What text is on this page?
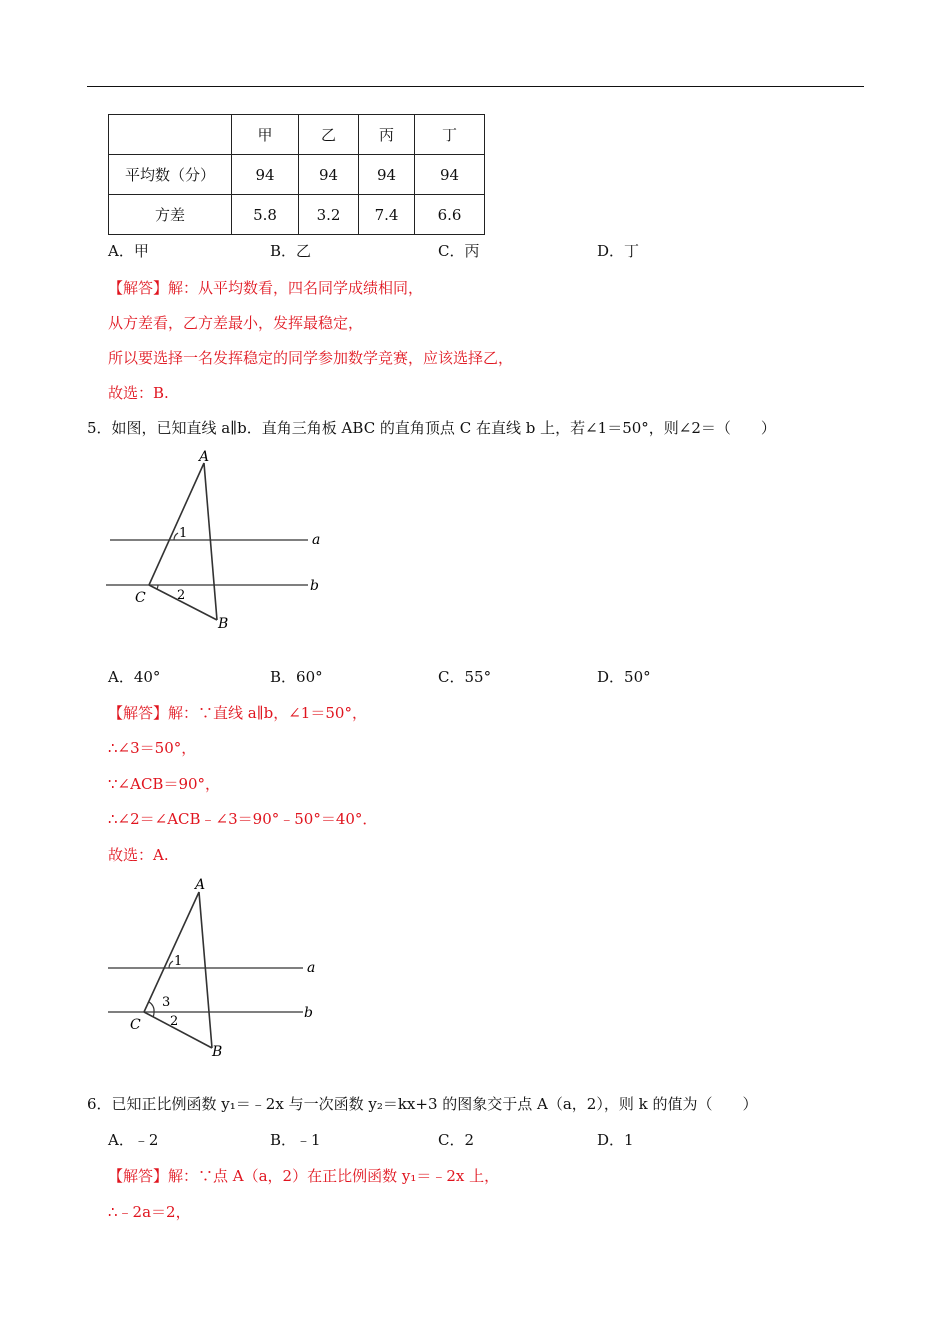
	甲	乙	丙	丁
平均数（分）	94	94	94	94
方差	5.8	3.2	7.4	6.6
A．甲	B．乙	C．丙	D．丁
【解答】解：从平均数看，四名同学成绩相同，
从方差看，乙方差最小，发挥最稳定，
所以要选择一名发挥稳定的同学参加数学竞赛，应该选择乙，
故选：B.
5．如图，已知直线 a∥b．直角三角板 ABC 的直角顶点 C 在直线 b 上，若∠1＝50°，则∠2＝（　　）
A
1	a
b
C 2
B
A．40°	B．60°	C．55°	D．50°
【解答】解：∵直线 a∥b，∠1＝50°，
∴∠3＝50°，
∵∠ACB＝90°，
∴∠2＝∠ACB﹣∠3＝90°﹣50°＝40°．
故选：A.
A
1	a
3
b
C 2
B
6．已知正比例函数 y₁＝﹣2x 与一次函数 y₂＝kx+3 的图象交于点 A（a，2），则 k 的值为（　　）
A．﹣2	B．﹣1	C．2	D．1
【解答】解：∵点 A（a，2）在正比例函数 y₁＝﹣2x 上，
∴﹣2a＝2，
